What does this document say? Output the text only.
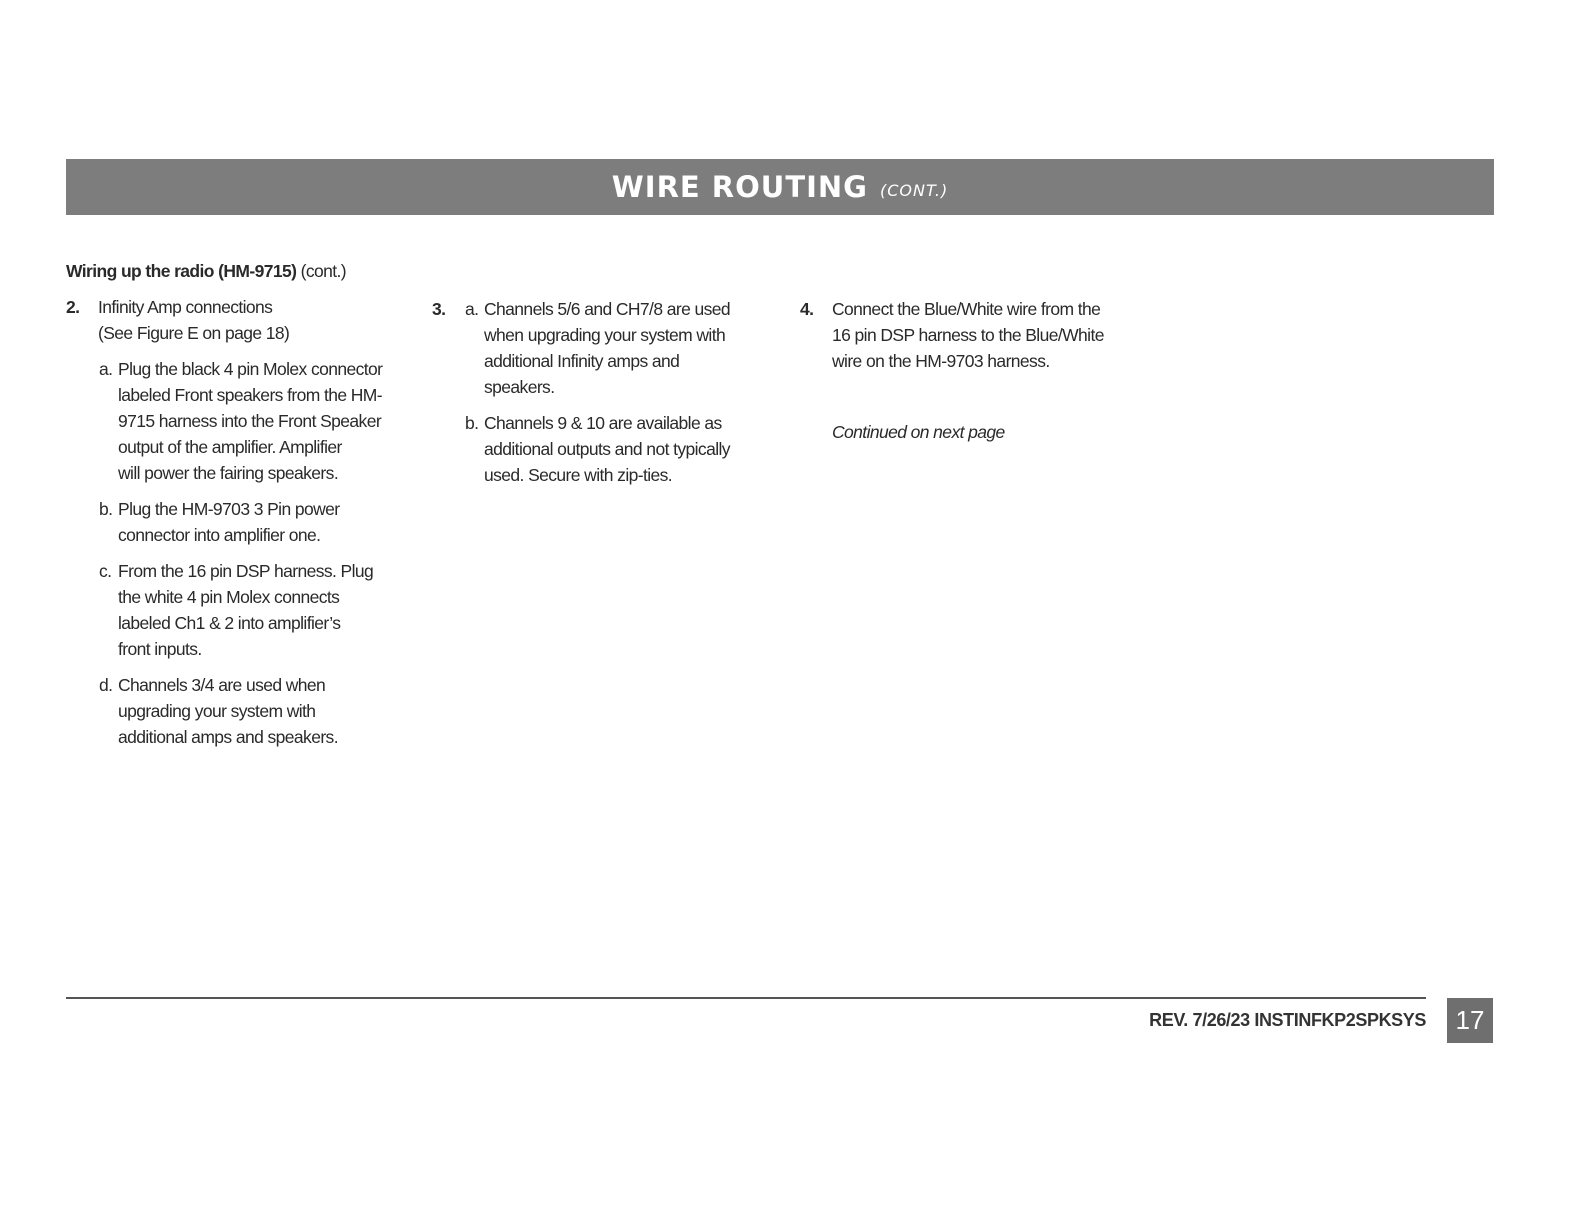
WIRE ROUTING (CONT.)
Wiring up the radio (HM-9715) (cont.)
2. Infinity Amp connections
(See Figure E on page 18)
a. Plug the black 4 pin Molex connector
labeled Front speakers from the HM-
9715 harness into the Front Speaker
output of the amplifier. Amplifier
will power the fairing speakers.
b. Plug the HM-9703 3 Pin power
connector into amplifier one.
c. From the 16 pin DSP harness. Plug
the white 4 pin Molex connects
labeled Ch1 & 2 into amplifier’s
front inputs.
d. Channels 3/4 are used when
upgrading your system with
additional amps and speakers.
3. a. Channels 5/6 and CH7/8 are used
when upgrading your system with
additional Infinity amps and
speakers.
b. Channels 9 & 10 are available as
additional outputs and not typically
used. Secure with zip-ties.
4. Connect the Blue/White wire from the
16 pin DSP harness to the Blue/White
wire on the HM-9703 harness.
Continued on next page
REV. 7/26/23 INSTINFKP2SPKSYS	17
